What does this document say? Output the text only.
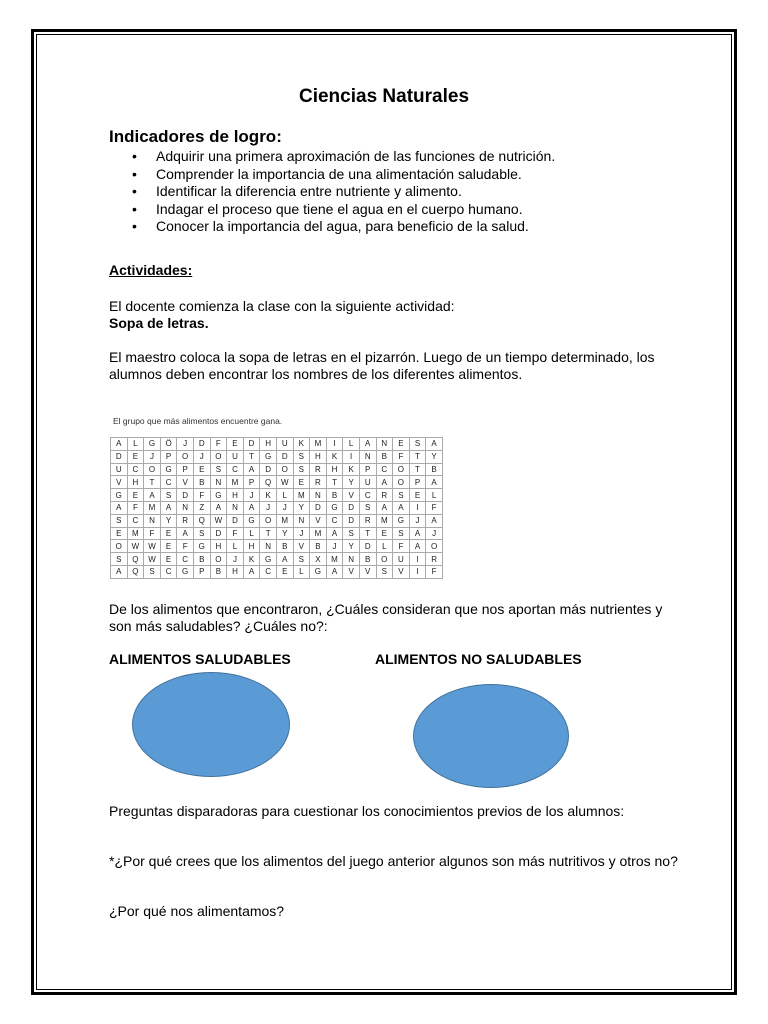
Ciencias Naturales
Indicadores de logro:
• Adquirir una primera aproximación de las funciones de nutrición.
• Comprender la importancia de una alimentación saludable.
• Identificar la diferencia entre nutriente y alimento.
• Indagar el proceso que tiene el agua en el cuerpo humano.
• Conocer la importancia del agua, para beneficio de la salud.
Actividades:

El docente comienza la clase con la siguiente actividad:

Sopa de letras.

El maestro coloca la sopa de letras en el pizarrón. Luego de un tiempo determinado, los alumnos deben encontrar los nombres de los diferentes alimentos.

El grupo que más alimentos encuentre gana.
A	L	G	Ö	J	D	F	E	D	H	U	K	M	I	L	A	N	E	S	A
D	E	J	P	O	J	O	U	T	G	D	S	H	K	I	N	B	F	T	Y
U	C	O	G	P	E	S	C	A	D	O	S	R	H	K	P	C	O	T	B
V	H	T	C	V	B	N	M	P	Q	W	E	R	T	Y	U	A	O	P	A
G	E	A	S	D	F	G	H	J	K	L	M	N	B	V	C	R	S	E	L
A	F	M	A	N	Z	A	N	A	J	J	Y	D	G	D	S	A	A	I	F
S	C	N	Y	R	Q	W	D	G	O	M	N	V	C	D	R	M	G	J	A
E	M	F	E	A	S	D	F	L	T	Y	J	M	A	S	T	E	S	A	J
O	W	W	E	F	G	H	L	H	N	B	V	B	J	Y	D	L	F	A	O
S	Q	W	E	C	B	O	J	K	G	A	S	X	M	N	B	O	U	I	R
A	Q	S	C	G	P	B	H	A	C	E	L	G	A	V	V	S	V	I	F

De los alimentos que encontraron, ¿Cuáles consideran que nos aportan más nutrientes y son más saludables? ¿Cuáles no?:

ALIMENTOS SALUDABLES	ALIMENTOS NO SALUDABLES

Preguntas disparadoras para cuestionar los conocimientos previos de los alumnos:

*¿Por qué crees que los alimentos del juego anterior algunos son más nutritivos y otros no?

¿Por qué nos alimentamos?
